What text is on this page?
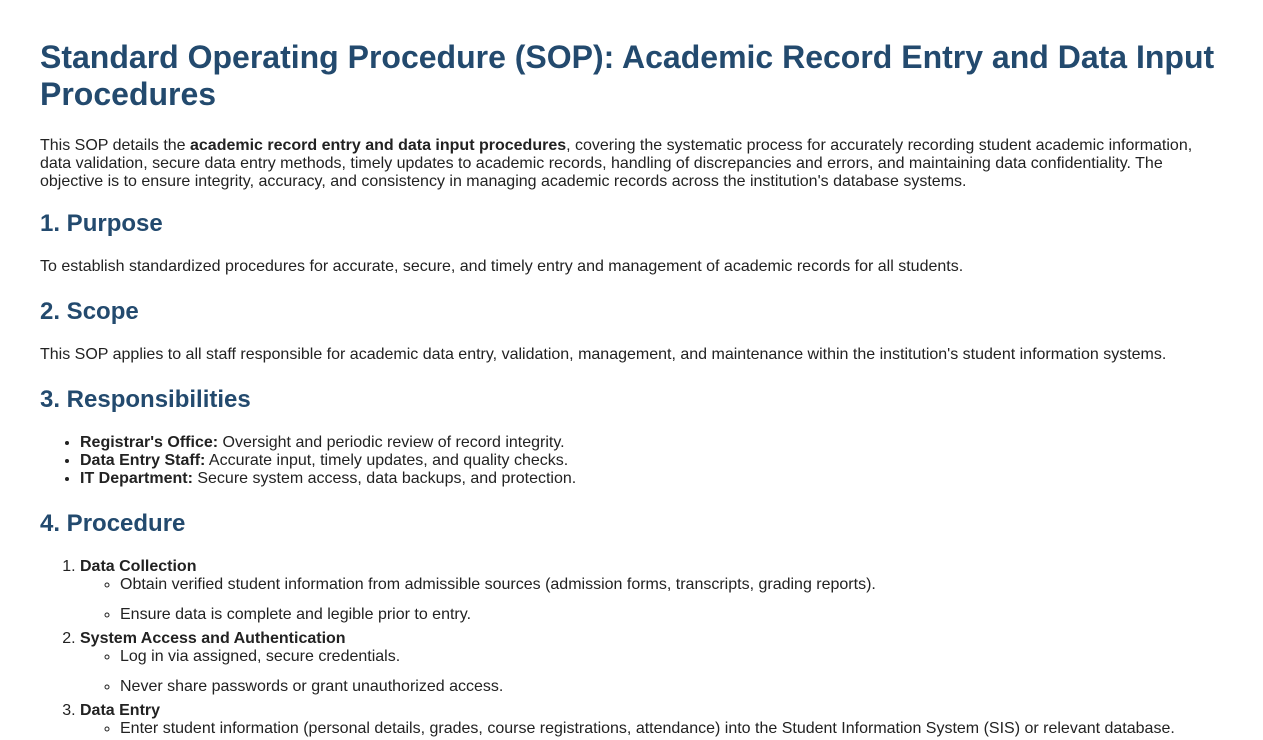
Standard Operating Procedure (SOP): Academic Record Entry and Data Input Procedures

This SOP details the academic record entry and data input procedures, covering the systematic process for accurately recording student academic information, data validation, secure data entry methods, timely updates to academic records, handling of discrepancies and errors, and maintaining data confidentiality. The objective is to ensure integrity, accuracy, and consistency in managing academic records across the institution's database systems.

1. Purpose

To establish standardized procedures for accurate, secure, and timely entry and management of academic records for all students.

2. Scope

This SOP applies to all staff responsible for academic data entry, validation, management, and maintenance within the institution's student information systems.

3. Responsibilities
• Registrar's Office: Oversight and periodic review of record integrity.
• Data Entry Staff: Accurate input, timely updates, and quality checks.
• IT Department: Secure system access, data backups, and protection.
4. Procedure
1. Data Collection
◦ Obtain verified student information from admissible sources (admission forms, transcripts, grading reports).
◦ Ensure data is complete and legible prior to entry.
2. System Access and Authentication
◦ Log in via assigned, secure credentials.
◦ Never share passwords or grant unauthorized access.
3. Data Entry
◦ Enter student information (personal details, grades, course registrations, attendance) into the Student Information System (SIS) or relevant database.
